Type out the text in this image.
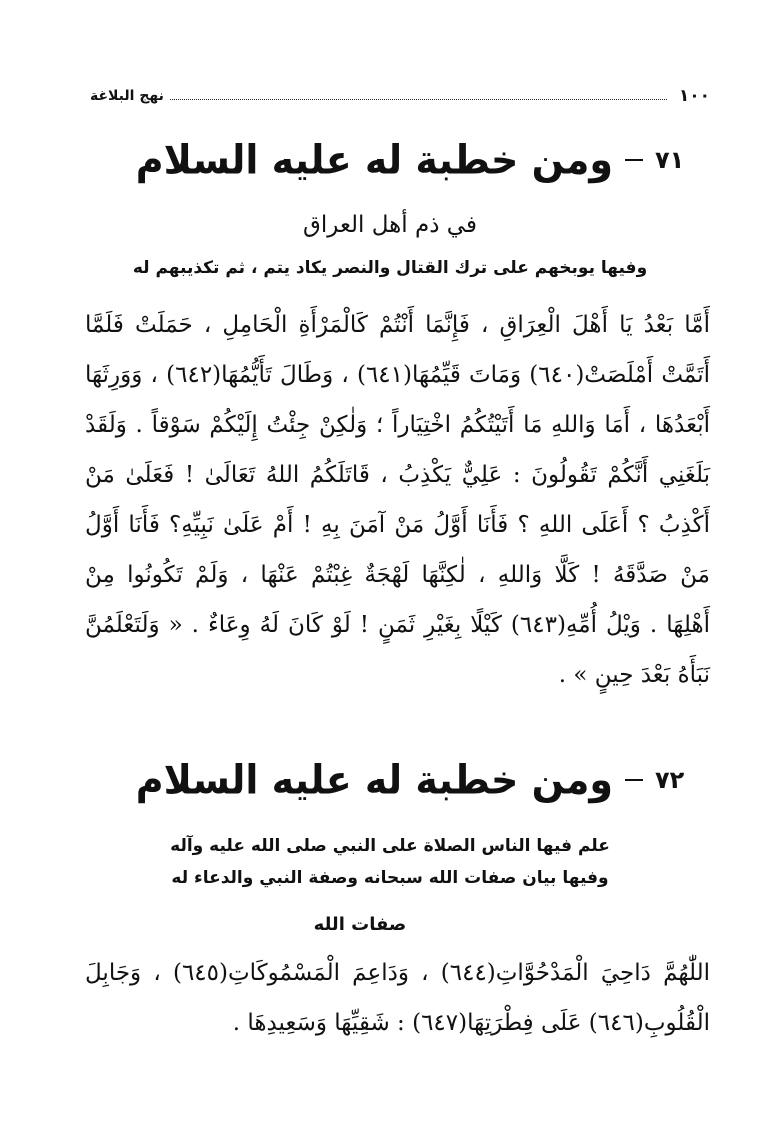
١٠٠
نهج البلاغة
٧١
ومن خطبة له عليه السلام
في ذم أهل العراق
وفيها يوبخهم على ترك القتال والنصر يكاد يتم ، ثم تكذيبهم له
أَمَّا بَعْدُ يَا أَهْلَ الْعِرَاقِ ، فَإِنَّمَا أَنْتُمْ كَالْمَرْأَةِ الْحَامِلِ ، حَمَلَتْ فَلَمَّا
أَتَمَّتْ أَمْلَصَتْ(٦٤٠) وَمَاتَ قَيِّمُهَا(٦٤١) ، وَطَالَ تَأَيُّمُهَا(٦٤٢) ، وَوَرِثَهَا
أَبْعَدُهَا ، أَمَا وَاللهِ مَا أَتَيْتُكُمُ اخْتِيَاراً ؛ وَلٰكِنْ جِئْتُ إِلَيْكُمْ سَوْقاً . وَلَقَدْ
بَلَغَنِي أَنَّكُمْ تَقُولُونَ : عَلِيٌّ يَكْذِبُ ، قَاتَلَكُمُ اللهُ تَعَالَىٰ ! فَعَلَىٰ مَنْ
أَكْذِبُ ؟ أَعَلَى اللهِ ؟ فَأَنَا أَوَّلُ مَنْ آمَنَ بِهِ ! أَمْ عَلَىٰ نَبِيِّهِ؟ فَأَنَا أَوَّلُ
مَنْ صَدَّقَهُ ! كَلَّا وَاللهِ ، لٰكِنَّهَا لَهْجَةٌ غِبْتُمْ عَنْهَا ، وَلَمْ تَكُونُوا مِنْ
أَهْلِهَا . وَيْلُ أُمِّهِ(٦٤٣) كَيْلًا بِغَيْرِ ثَمَنٍ ! لَوْ كَانَ لَهُ وِعَاءٌ . « وَلَتَعْلَمُنَّ
نَبَأَهُ بَعْدَ حِينٍ » .
٧٢
ومن خطبة له عليه السلام
علم فيها الناس الصلاة على النبي صلى الله عليه وآله
وفيها بيان صفات الله سبحانه وصفة النبي والدعاء له
صفات الله
اللّٰهُمَّ دَاحِيَ الْمَدْحُوَّاتِ(٦٤٤) ، وَدَاعِمَ الْمَسْمُوكَاتِ(٦٤٥) ، وَجَابِلَ
الْقُلُوبِ(٦٤٦) عَلَى فِطْرَتِهَا(٦٤٧) : شَقِيِّهَا وَسَعِيدِهَا .
